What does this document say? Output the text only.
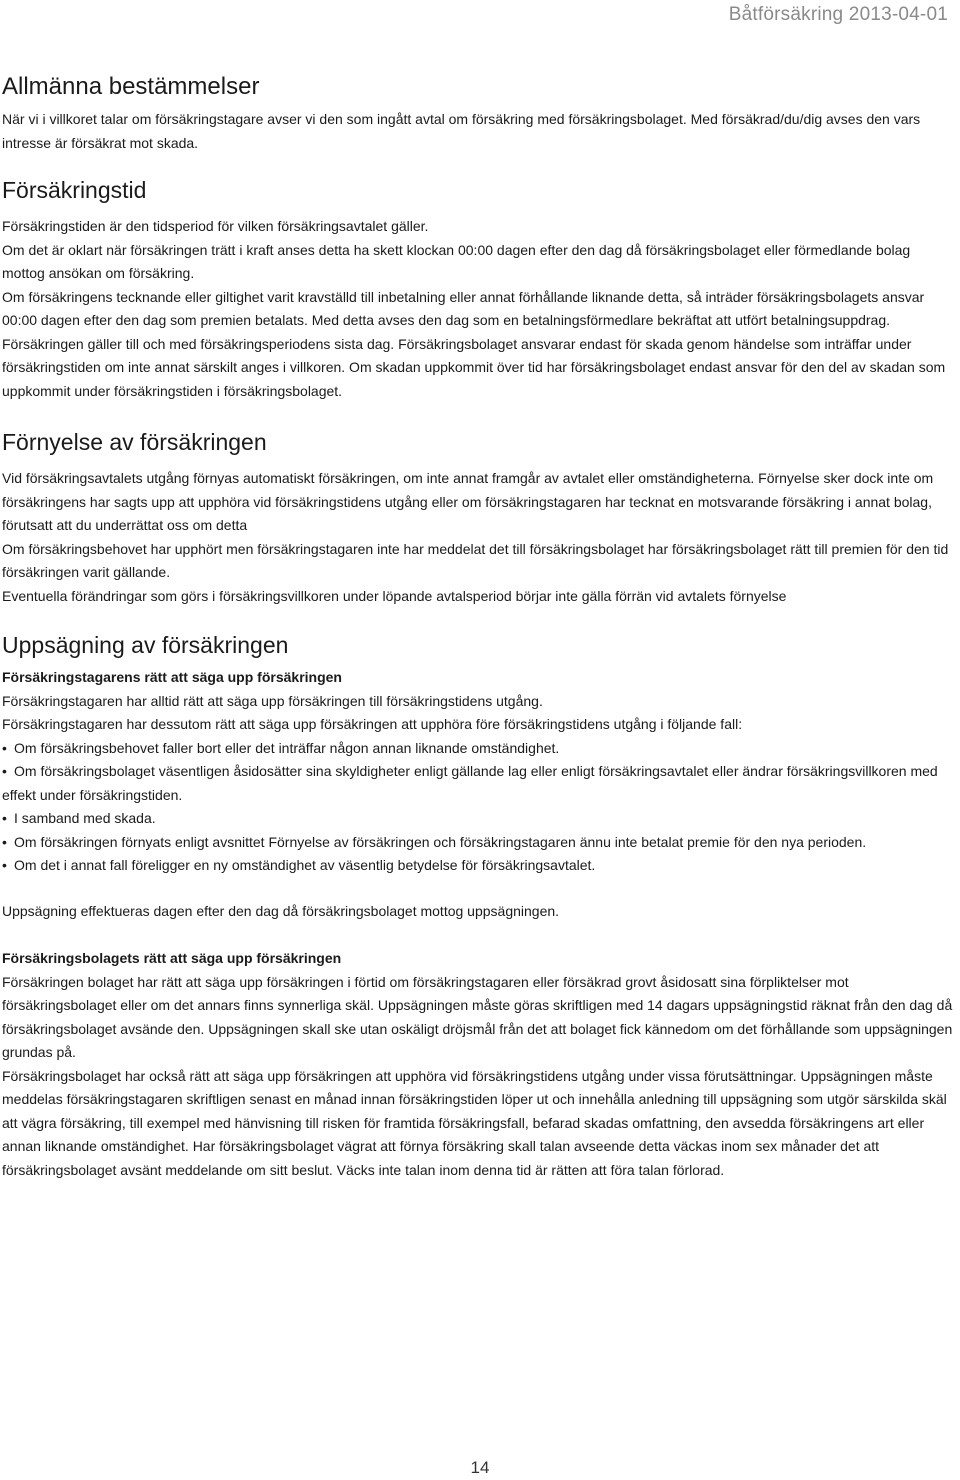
Båtförsäkring 2013-04-01
Allmänna bestämmelser

När vi i villkoret talar om försäkringstagare avser vi den som ingått avtal om försäkring med försäkringsbolaget. Med försäkrad/du/dig avses den vars intresse är försäkrat mot skada.

Försäkringstid

Försäkringstiden är den tidsperiod för vilken försäkringsavtalet gäller.

Om det är oklart när försäkringen trätt i kraft anses detta ha skett klockan 00:00 dagen efter den dag då försäkringsbolaget eller förmedlande bolag mottog ansökan om försäkring.

Om försäkringens tecknande eller giltighet varit kravställd till inbetalning eller annat förhållande liknande detta, så inträder försäkringsbolagets ansvar 00:00 dagen efter den dag som premien betalats. Med detta avses den dag som en betalningsförmedlare bekräftat att utfört betalningsuppdrag.

Försäkringen gäller till och med försäkringsperiodens sista dag. Försäkringsbolaget ansvarar endast för skada genom händelse som inträffar under försäkringstiden om inte annat särskilt anges i villkoren. Om skadan uppkommit över tid har försäkringsbolaget endast ansvar för den del av skadan som uppkommit under försäkringstiden i försäkringsbolaget.

Förnyelse av försäkringen

Vid försäkringsavtalets utgång förnyas automatiskt försäkringen, om inte annat framgår av avtalet eller omständigheterna. Förnyelse sker dock inte om försäkringens har sagts upp att upphöra vid försäkringstidens utgång eller om försäkringstagaren har tecknat en motsvarande försäkring i annat bolag, förutsatt att du underrättat oss om detta

Om försäkringsbehovet har upphört men försäkringstagaren inte har meddelat det till försäkringsbolaget har försäkringsbolaget rätt till premien för den tid försäkringen varit gällande.

Eventuella förändringar som görs i försäkringsvillkoren under löpande avtalsperiod börjar inte gälla förrän vid avtalets förnyelse

Uppsägning av försäkringen

Försäkringstagarens rätt att säga upp försäkringen

Försäkringstagaren har alltid rätt att säga upp försäkringen till försäkringstidens utgång.

Försäkringstagaren har dessutom rätt att säga upp försäkringen att upphöra före försäkringstidens utgång i följande fall:

• Om försäkringsbehovet faller bort eller det inträffar någon annan liknande omständighet.

• Om försäkringsbolaget väsentligen åsidosätter sina skyldigheter enligt gällande lag eller enligt försäkringsavtalet eller ändrar försäkringsvillkoren med effekt under försäkringstiden.

• I samband med skada.

• Om försäkringen förnyats enligt avsnittet Förnyelse av försäkringen och försäkringstagaren ännu inte betalat premie för den nya perioden.

• Om det i annat fall föreligger en ny omständighet av väsentlig betydelse för försäkringsavtalet.

Uppsägning effektueras dagen efter den dag då försäkringsbolaget mottog uppsägningen.

Försäkringsbolagets rätt att säga upp försäkringen

Försäkringen bolaget har rätt att säga upp försäkringen i förtid om försäkringstagaren eller försäkrad grovt åsidosatt sina förpliktelser mot försäkringsbolaget eller om det annars finns synnerliga skäl. Uppsägningen måste göras skriftligen med 14 dagars uppsägningstid räknat från den dag då försäkringsbolaget avsände den. Uppsägningen skall ske utan oskäligt dröjsmål från det att bolaget fick kännedom om det förhållande som uppsägningen grundas på.

Försäkringsbolaget har också rätt att säga upp försäkringen att upphöra vid försäkringstidens utgång under vissa förutsättningar. Uppsägningen måste meddelas försäkringstagaren skriftligen senast en månad innan försäkringstiden löper ut och innehålla anledning till uppsägning som utgör särskilda skäl att vägra försäkring, till exempel med hänvisning till risken för framtida försäkringsfall, befarad skadas omfattning, den avsedda försäkringens art eller annan liknande omständighet. Har försäkringsbolaget vägrat att förnya försäkring skall talan avseende detta väckas inom sex månader det att försäkringsbolaget avsänt meddelande om sitt beslut. Väcks inte talan inom denna tid är rätten att föra talan förlorad.

14
